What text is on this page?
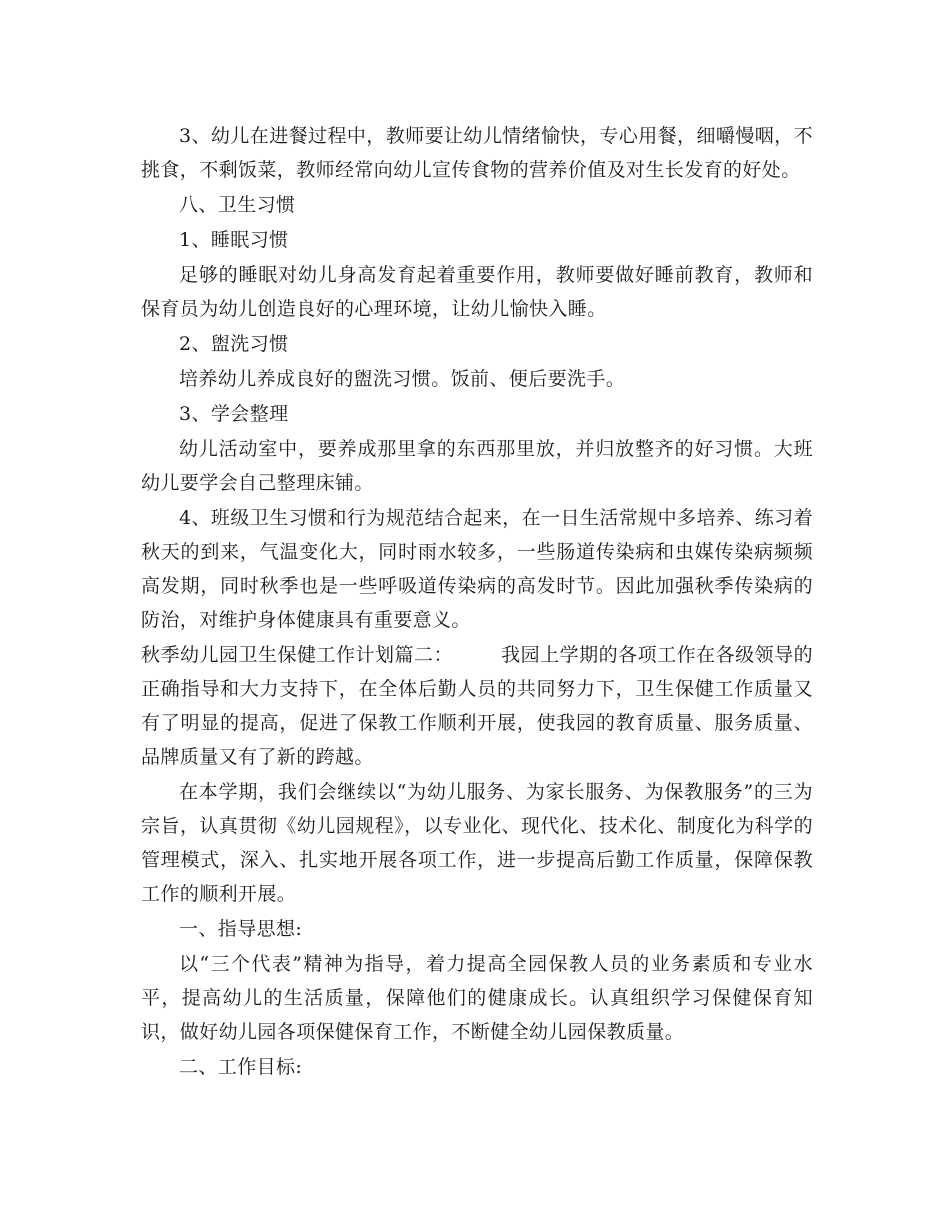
3、幼儿在进餐过程中，教师要让幼儿情绪愉快，专心用餐，细嚼慢咽，不挑食，不剩饭菜，教师经常向幼儿宣传食物的营养价值及对生长发育的好处。

八、卫生习惯

1、睡眠习惯

足够的睡眠对幼儿身高发育起着重要作用，教师要做好睡前教育，教师和保育员为幼儿创造良好的心理环境，让幼儿愉快入睡。

2、盥洗习惯

培养幼儿养成良好的盥洗习惯。饭前、便后要洗手。

3、学会整理

幼儿活动室中，要养成那里拿的东西那里放，并归放整齐的好习惯。大班幼儿要学会自己整理床铺。

4、班级卫生习惯和行为规范结合起来，在一日生活常规中多培养、练习着秋天的到来，气温变化大，同时雨水较多，一些肠道传染病和虫媒传染病频频高发期，同时秋季也是一些呼吸道传染病的高发时节。因此加强秋季传染病的防治，对维护身体健康具有重要意义。

秋季幼儿园卫生保健工作计划篇二：	我园上学期的各项工作在各级领导的正确指导和大力支持下，在全体后勤人员的共同努力下，卫生保健工作质量又有了明显的提高，促进了保教工作顺利开展，使我园的教育质量、服务质量、品牌质量又有了新的跨越。

在本学期，我们会继续以“为幼儿服务、为家长服务、为保教服务”的三为宗旨，认真贯彻《幼儿园规程》，以专业化、现代化、技术化、制度化为科学的管理模式，深入、扎实地开展各项工作，进一步提高后勤工作质量，保障保教工作的顺利开展。

一、指导思想:

以“三个代表”精神为指导，着力提高全园保教人员的业务素质和专业水平，提高幼儿的生活质量，保障他们的健康成长。认真组织学习保健保育知识，做好幼儿园各项保健保育工作，不断健全幼儿园保教质量。

二、工作目标:
